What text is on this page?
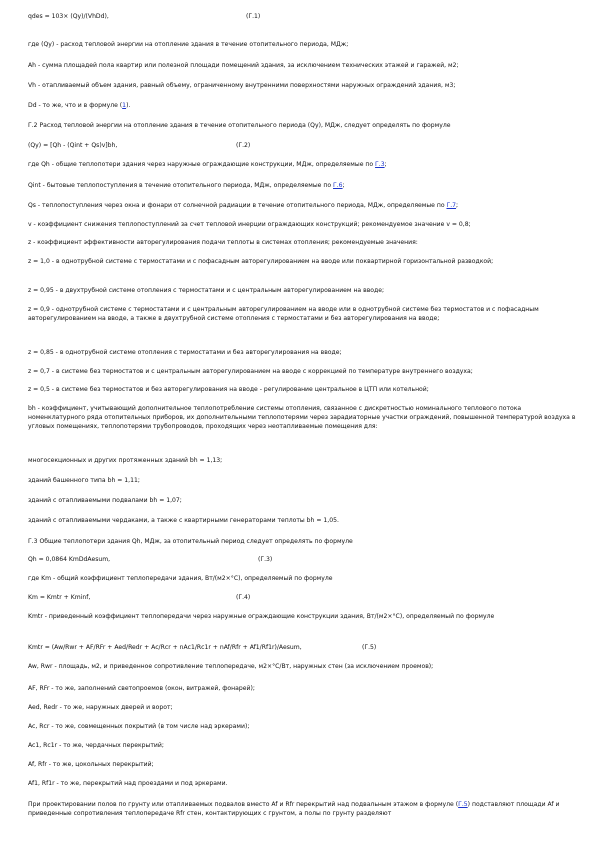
qdes = 103× (Qy)/(VhDd),	(Г.1)
где (Qy) - расход тепловой энергии на отопление здания в течение отопительного периода, МДж;
Ah - сумма площадей пола квартир или полезной площади помещений здания, за исключением технических этажей и гаражей, м2;
Vh - отапливаемый объем здания, равный объему, ограниченному внутренними поверхностями наружных ограждений здания, м3;
Dd - то же, что и в формуле (1).
Г.2 Расход тепловой энергии на отопление здания в течение отопительного периода (Qy), МДж, следует определять по формуле
(Qy) = [Qh - (Qint + Qs)v]bh,	(Г.2)
где Qh - общие теплопотери здания через наружные ограждающие конструкции, МДж, определяемые по Г.3;
Qint - бытовые теплопоступления в течение отопительного периода, МДж, определяемые по Г.6;
Qs - теплопоступления через окна и фонари от солнечной радиации в течение отопительного периода, МДж, определяемые по Г.7;
v - коэффициент снижения теплопоступлений за счет тепловой инерции ограждающих конструкций; рекомендуемое значение v = 0,8;
z - коэффициент эффективности авторегулирования подачи теплоты в системах отопления; рекомендуемые значения:
z = 1,0 - в однотрубной системе с термостатами и с пофасадным авторегулированием на вводе или поквартирной горизонтальной разводкой;
z = 0,95 - в двухтрубной системе отопления с термостатами и с центральным авторегулированием на вводе;
z = 0,9 - однотрубной системе с термостатами и с центральным авторегулированием на вводе или в однотрубной системе без термостатов и с пофасадным авторегулированием на вводе, а также в двухтрубной системе отопления с термостатами и без авторегулирования на вводе;
z = 0,85 - в однотрубной системе отопления с термостатами и без авторегулирования на вводе;
z = 0,7 - в системе без термостатов и с центральным авторегулированием на вводе с коррекцией по температуре внутреннего воздуха;
z = 0,5 - в системе без термостатов и без авторегулирования на вводе - регулирование центральное в ЦТП или котельной;
bh - коэффициент, учитывающий дополнительное теплопотребление системы отопления, связанное с дискретностью номинального теплового потока номенклатурного ряда отопительных приборов, их дополнительными теплопотерями через зарадиаторные участки ограждений, повышенной температурой воздуха в угловых помещениях, теплопотерями трубопроводов, проходящих через неотапливаемые помещения для:
многосекционных и других протяженных зданий bh = 1,13;
зданий башенного типа bh = 1,11;
зданий с отапливаемыми подвалами bh = 1,07;
зданий с отапливаемыми чердаками, а также с квартирными генераторами теплоты bh = 1,05.
Г.3 Общие теплопотери здания Qh, МДж, за отопительный период следует определять по формуле
Qh = 0,0864 KmDdAesum,	(Г.3)
где Km - общий коэффициент теплопередачи здания, Вт/(м2×°С), определяемый по формуле
Km = Kmtr + Kminf,	(Г.4)
Kmtr - приведенный коэффициент теплопередачи через наружные ограждающие конструкции здания, Вт/(м2×°С), определяемый по формуле
Kmtr = (Aw/Rwr + AF/RFr + Aed/Redr + Ac/Rcr + nAc1/Rc1r + nAf/Rfr + Af1/Rf1r)/Aesum,	(Г.5)
Aw, Rwr - площадь, м2, и приведенное сопротивление теплопередаче, м2×°С/Вт, наружных стен (за исключением проемов);
AF, RFr - то же, заполнений светопроемов (окон, витражей, фонарей);
Aed, Redr - то же, наружных дверей и ворот;
Ac, Rcr - то же, совмещенных покрытий (в том числе над эркерами);
Ac1, Rc1r - то же, чердачных перекрытий;
Af, Rfr - то же, цокольных перекрытий;
Af1, Rf1r - то же, перекрытий над проездами и под эркерами.
При проектировании полов по грунту или отапливаемых подвалов вместо Af и Rfr перекрытий над подвальным этажом в формуле (Г.5) подставляют площади Af и приведенные сопротивления теплопередаче Rfr стен, контактирующих с грунтом, а полы по грунту разделяют
